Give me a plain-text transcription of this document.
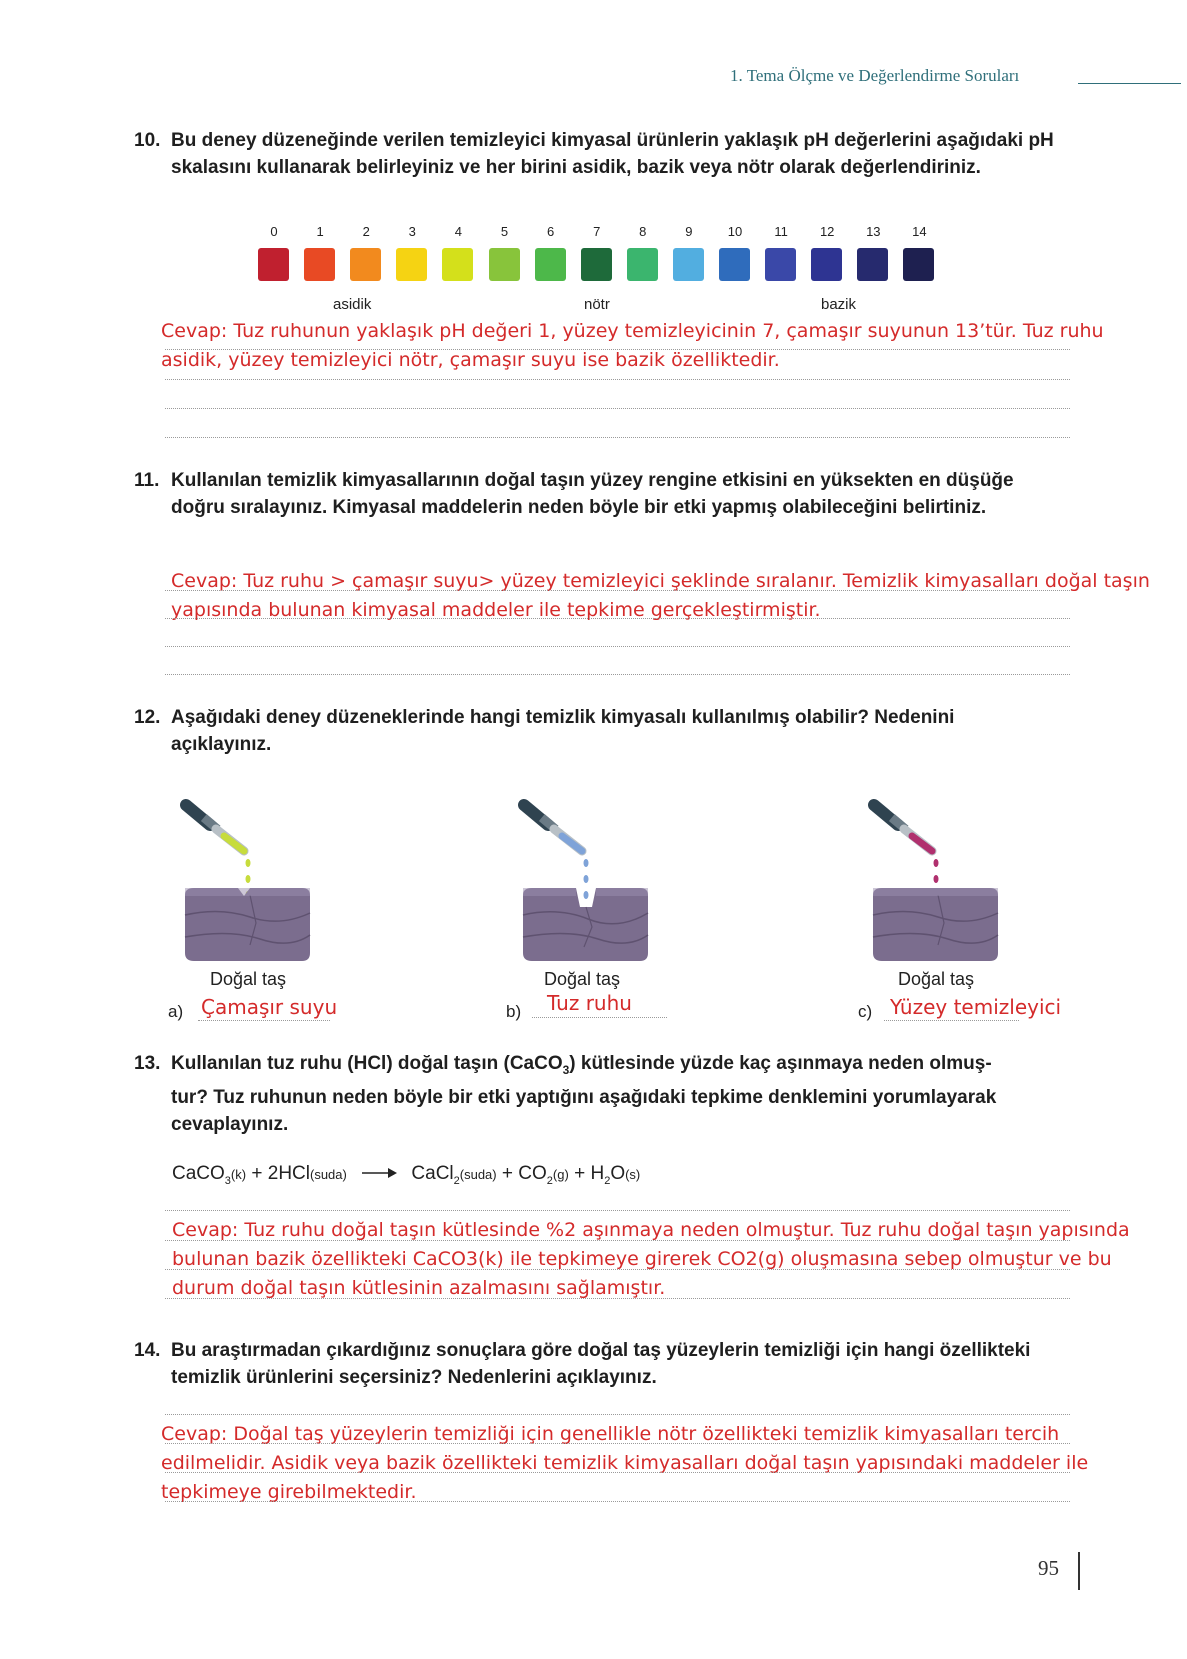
1. Tema Ölçme ve Değerlendirme Soruları
10. Bu deney düzeneğinde verilen temizleyici kimyasal ürünlerin yaklaşık pH değerlerini aşağıdaki pH skalasını kullanarak belirleyiniz ve her birini asidik, bazik veya nötr olarak değerlendiriniz.
0	1	2	3	4	5	6	7	8	9	10	11	12	13	14
asidik	nötr	bazik
Cevap: Tuz ruhunun yaklaşık pH değeri 1, yüzey temizleyicinin 7, çamaşır suyunun 13’tür. Tuz ruhu
asidik, yüzey temizleyici nötr, çamaşır suyu ise bazik özelliktedir.
11. Kullanılan temizlik kimyasallarının doğal taşın yüzey rengine etkisini en yüksekten en düşüğe doğru sıralayınız. Kimyasal maddelerin neden böyle bir etki yapmış olabileceğini belirtiniz.
Cevap: Tuz ruhu > çamaşır suyu> yüzey temizleyici şeklinde sıralanır. Temizlik kimyasalları doğal taşın
yapısında bulunan kimyasal maddeler ile tepkime gerçekleştirmiştir.
12. Aşağıdaki deney düzeneklerinde hangi temizlik kimyasalı kullanılmış olabilir? Nedenini açıklayınız.
Doğal taş
a) Çamaşır suyu
Doğal taş
b) Tuz ruhu
Doğal taş
c) Yüzey temizleyici
13. Kullanılan tuz ruhu (HCl) doğal taşın (CaCO$_3$) kütlesinde yüzde kaç aşınmaya neden olmuş-
tur? Tuz ruhunun neden böyle bir etki yaptığını aşağıdaki tepkime denklemini yorumlayarak
cevaplayınız.
CaCO$_3$(k) + 2HCl(suda)	CaCl$_2$(suda) + $CO_2(g) + H_2O(s)$
Cevap: Tuz ruhu doğal taşın kütlesinde %2 aşınmaya neden olmuştur. Tuz ruhu doğal taşın yapısında
bulunan bazik özellikteki CaCO3(k) ile tepkimeye girerek CO2(g) oluşmasına sebep olmuştur ve bu
durum doğal taşın kütlesinin azalmasını sağlamıştır.
14. Bu araştırmadan çıkardığınız sonuçlara göre doğal taş yüzeylerin temizliği için hangi özellikteki temizlik ürünlerini seçersiniz? Nedenlerini açıklayınız.
Cevap: Doğal taş yüzeylerin temizliği için genellikle nötr özellikteki temizlik kimyasalları tercih
edilmelidir. Asidik veya bazik özellikteki temizlik kimyasalları doğal taşın yapısındaki maddeler ile
tepkimeye girebilmektedir.
95
